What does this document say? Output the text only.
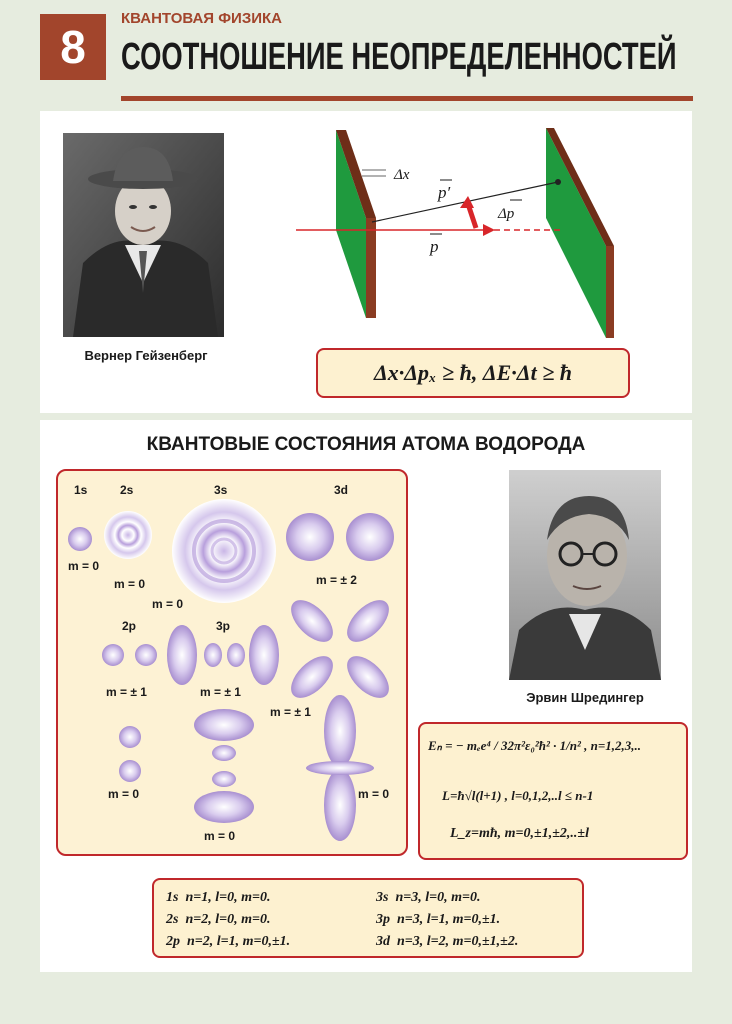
8
КВАНТОВАЯ ФИЗИКА
СООТНОШЕНИЕ НЕОПРЕДЕЛЕННОСТЕЙ
Вернер Гейзенберг
Δx
p′
Δp
p
Δx·Δpₓ ≥ ħ, ΔE·Δt ≥ ħ
КВАНТОВЫЕ СОСТОЯНИЯ АТОМА ВОДОРОДА
1s	2s	3s	3d
m = 0
m = 0
m = 0
m = ± 2
2p	3p
m = ± 1	m = ± 1
m = ± 1
m = 0
m = 0
m = 0
Эрвин Шредингер
Eₙ = − mₑe⁴ / 32π²ε₀²ħ² · 1/n² , n=1,2,3,..
L=ħ√l(l+1) , l=0,1,2,..l ≤ n-1
L_z=mħ, m=0,±1,±2,..±l
1s n=1, l=0, m=0.
2s n=2, l=0, m=0.
2p n=2, l=1, m=0,±1.
3s n=3, l=0, m=0.
3p n=3, l=1, m=0,±1.
3d n=3, l=2, m=0,±1,±2.
